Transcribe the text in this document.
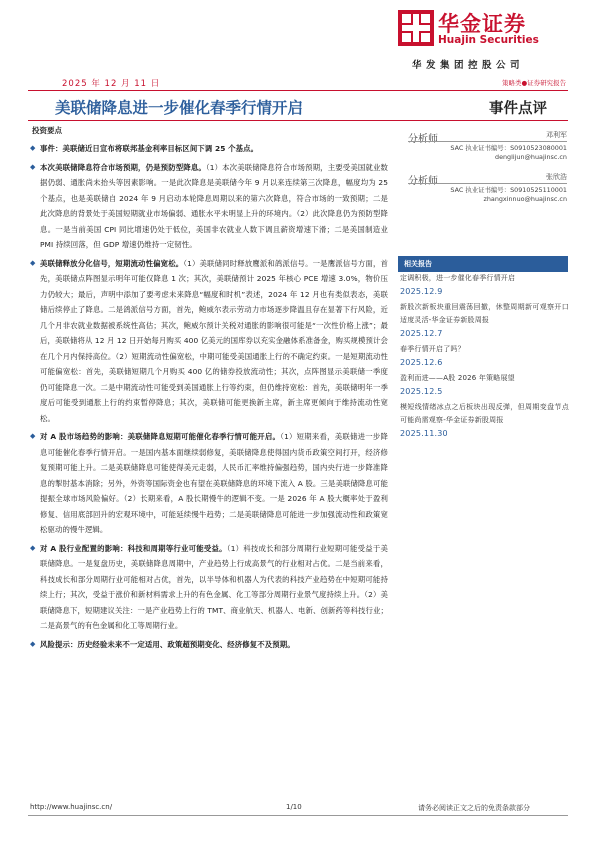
华金证券
Huajin Securities
华发集团控股公司
2025 年 12 月 11 日	策略类●证券研究报告
美联储降息进一步催化春季行情开启	事件点评
投资要点
◆ 事件：美联储近日宣布将联邦基金利率目标区间下调 25 个基点。
◆ 本次美联储降息符合市场预期，仍是预防型降息。（1）本次美联储降息符合市场预期，主要受美国就业数据仍弱、通胀尚未抬头等因素影响。一是此次降息是美联储今年 9 月以来连续第三次降息，幅度均为 25 个基点，也是美联储自 2024 年 9 月启动本轮降息周期以来的第六次降息，符合市场的一致预期；二是此次降息的背景处于美国短期就业市场偏弱、通胀水平未明显上升的环境内。（2）此次降息仍为预防型降息。一是当前美国 CPI 同比增速仍处于低位，美国非农就业人数下调且薪资增速下滑；二是美国制造业 PMI 持续回落，但 GDP 增速仍维持一定韧性。
◆ 美联储释放分化信号，短期流动性偏宽松。（1）美联储同时释放鹰派和鸽派信号。一是鹰派信号方面，首先，美联储点阵图显示明年可能仅降息 1 次；其次，美联储预计 2025 年核心 PCE 增速 3.0%，物价压力仍较大；最后，声明中添加了要考虑未来降息“幅度和时机”表述，2024 年 12 月也有类似表态，美联储后续停止了降息。二是鸽派信号方面，首先，鲍威尔表示劳动力市场逐步降温且存在显著下行风险，近几个月非农就业数据被系统性高估；其次，鲍威尔预计关税对通胀的影响很可能是“一次性价格上涨”；最后，美联储将从 12 月 12 日开始每月购买 400 亿美元的国库券以充实金融体系准备金，购买规模预计会在几个月内保持高位。（2）短期流动性偏宽松，中期可能受美国通胀上行的不确定约束。一是短期流动性可能偏宽松：首先，美联储短期几个月购买 400 亿的储券投放流动性；其次，点阵图显示美联储一季度仍可能降息一次。二是中期流动性可能受到美国通胀上行等约束，但仍维持宽松：首先，美联储明年一季度后可能受到通胀上行的约束暂停降息；其次，美联储可能更换新主席，新主席更倾向于维持流动性宽松。
◆ 对 A 股市场趋势的影响：美联储降息短期可能催化春季行情可能开启。（1）短期来看，美联储进一步降息可能催化春季行情开启。一是国内基本面继续弱修复，美联储降息使得国内货币政策空间打开，经济修复预期可能上升。二是美联储降息可能使得美元走弱，人民币汇率维持偏强趋势，国内央行进一步降准降息的掣肘基本消除；另外，外资等国际资金也有望在美联储降息的环境下流入 A 股。三是美联储降息可能提振全球市场风险偏好。（2）长期来看，A 股长期慢牛的逻辑不变。一是 2026 年 A 股大概率处于盈利修复、信用底部回升的宏观环境中，可能延续慢牛趋势；二是美联储降息可能进一步加强流动性和政策宽松驱动的慢牛逻辑。
◆ 对 A 股行业配置的影响：科技和周期等行业可能受益。（1）科技成长和部分周期行业短期可能受益于美联储降息。一是复盘历史，美联储降息周期中，产业趋势上行成高景气的行业相对占优。二是当前来看，科技成长和部分周期行业可能相对占优，首先，以半导体和机器人为代表的科技产业趋势在中短期可能持续上行；其次，受益于涨价和新材料需求上升的有色金属、化工等部分周期行业景气度持续上升。（2）美联储降息下，短期建议关注：一是产业趋势上行的 TMT、商业航天、机器人、电新、创新药等科技行业；二是高景气的有色金属和化工等周期行业。
◆ 风险提示：历史经验未来不一定适用、政策超预期变化、经济修复不及预期。
分析师	邓利军
SAC 执业证书编号：S0910523080001
denglijun@huajinsc.cn
分析师	张欣浩
SAC 执业证书编号：S0910525110001
zhangxinnuo@huajinsc.cn
相关报告
定调积极，进一步催化春季行情开启
2025.12.9
新股次新板块重回震荡回撤，休整周期新可观察开口适度灵活-华金证券新股周报
2025.12.7
春季行情开启了吗？
2025.12.6
盈利而进——A股 2026 年策略展望
2025.12.5
模短线情绪冰点之后板块出现反弹，但周期变盘节点可能尚需观察-华金证券新股周报
2025.11.30
http://www.huajinsc.cn/	1/10	请务必阅读正文之后的免责条款部分
